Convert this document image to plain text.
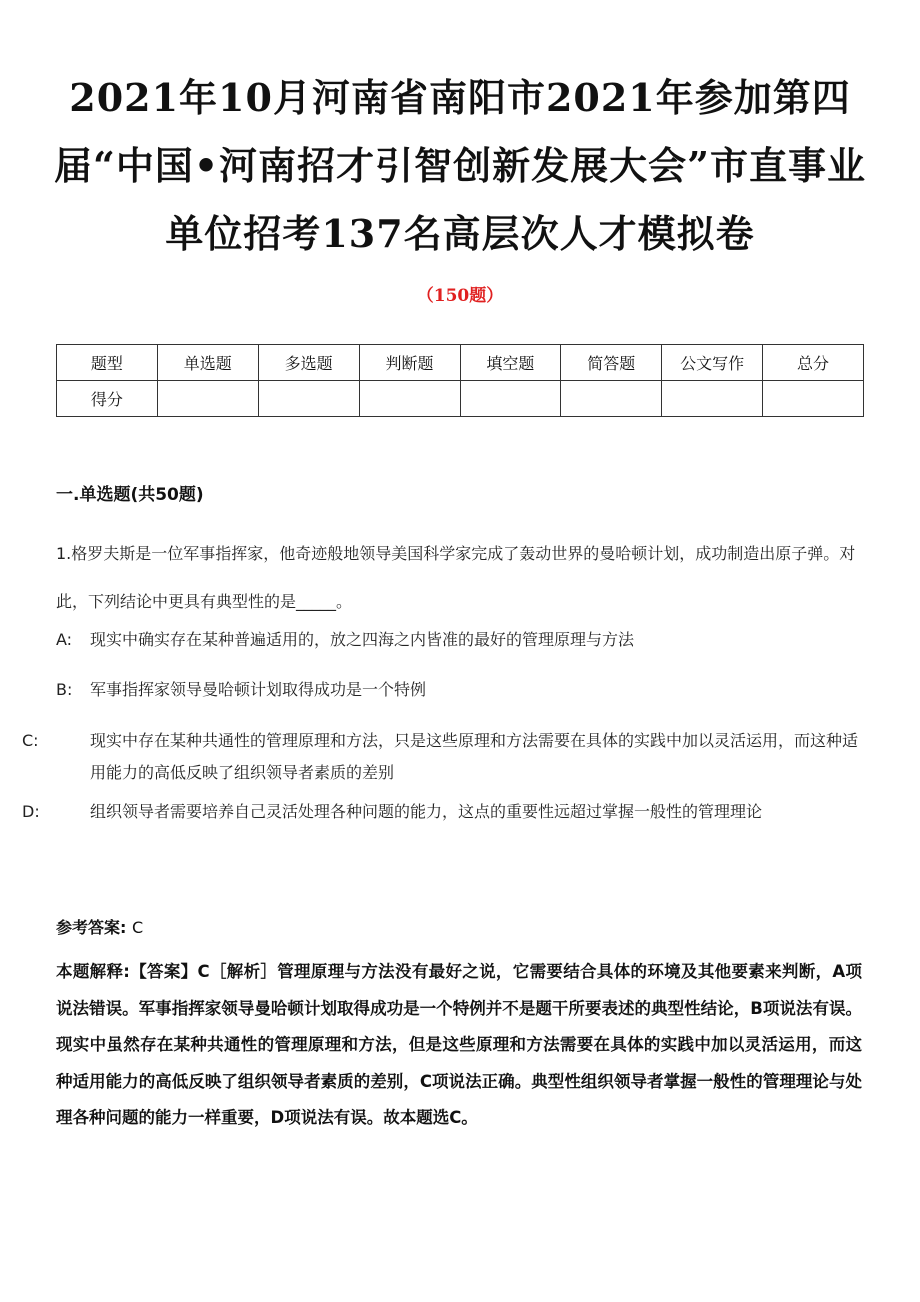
2021年10月河南省南阳市2021年参加第四届“中国•河南招才引智创新发展大会”市直事业单位招考137名高层次人才模拟卷
（150题）
题型	单选题	多选题	判断题	填空题	简答题	公文写作	总分
得分							
一.单选题(共50题)
1.格罗夫斯是一位军事指挥家，他奇迹般地领导美国科学家完成了轰动世界的曼哈顿计划，成功制造出原子弹。对此，下列结论中更具有典型性的是_____。
A: 现实中确实存在某种普遍适用的，放之四海之内皆准的最好的管理原理与方法
B: 军事指挥家领导曼哈顿计划取得成功是一个特例
C:	现实中存在某种共通性的管理原理和方法，只是这些原理和方法需要在具体的实践中加以灵活运用，而这种适用能力的高低反映了组织领导者素质的差别
D:	组织领导者需要培养自己灵活处理各种问题的能力，这点的重要性远超过掌握一般性的管理理论
参考答案: C
本题解释:【答案】C［解析］管理原理与方法没有最好之说，它需要结合具体的环境及其他要素来判断，A项说法错误。军事指挥家领导曼哈顿计划取得成功是一个特例并不是题干所要表述的典型性结论，B项说法有误。现实中虽然存在某种共通性的管理原理和方法，但是这些原理和方法需要在具体的实践中加以灵活运用，而这种适用能力的高低反映了组织领导者素质的差别，C项说法正确。典型性组织领导者掌握一般性的管理理论与处理各种问题的能力一样重要，D项说法有误。故本题选C。
